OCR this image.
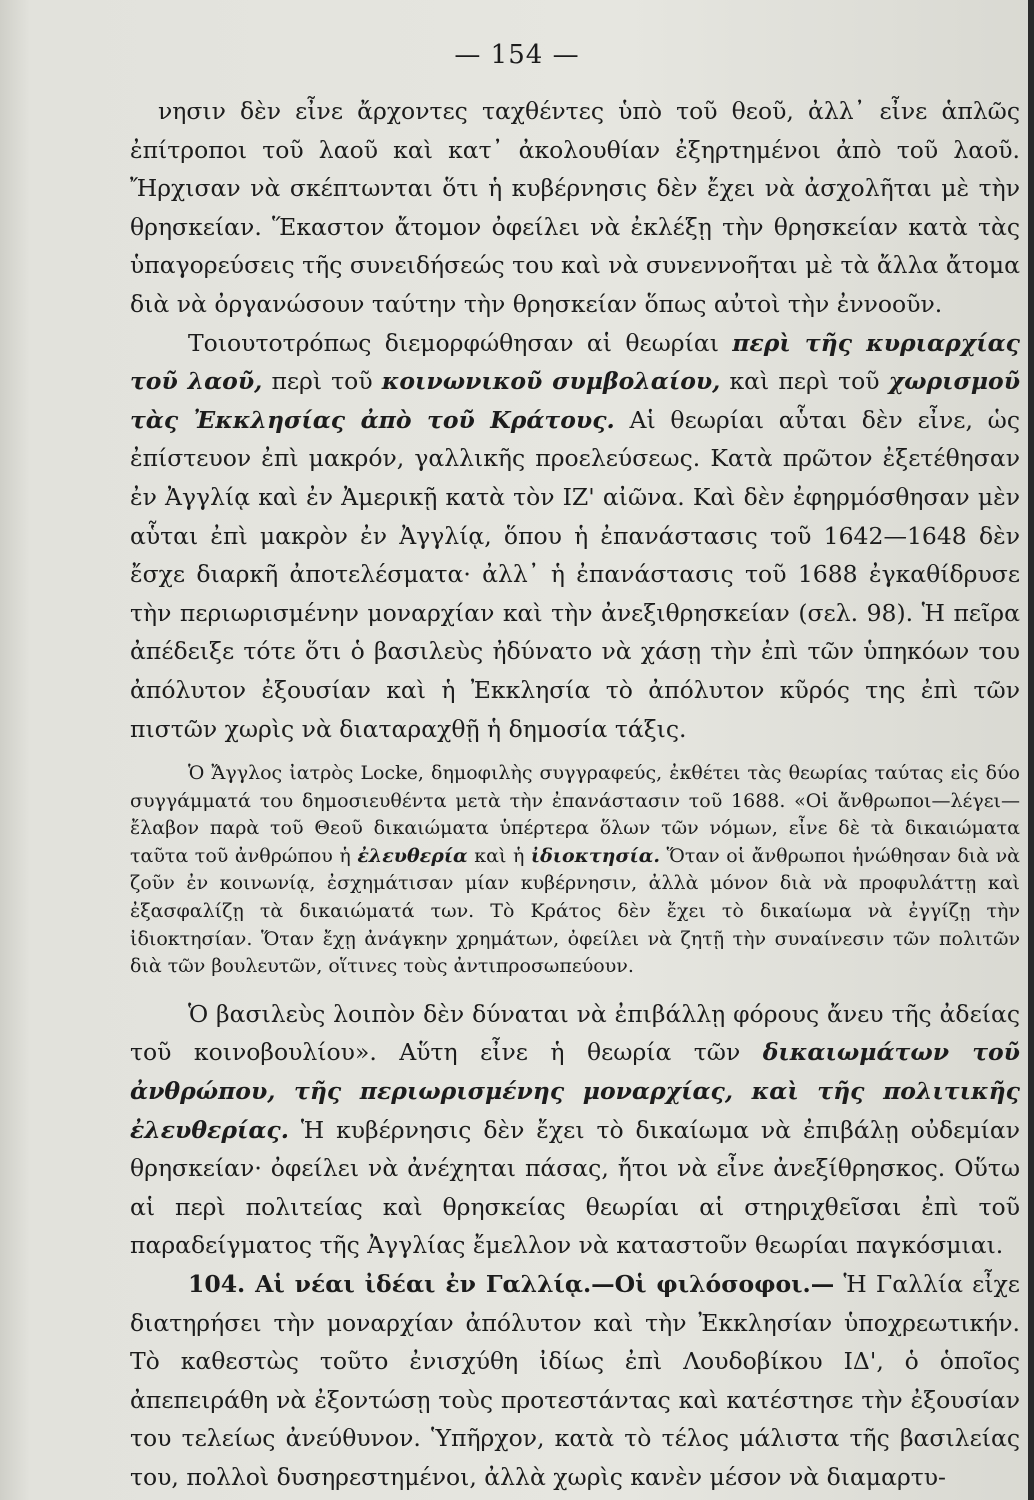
— 154 —

νησιν δὲν εἶνε ἄρχοντες ταχθέντες ὑπὸ τοῦ θεοῦ, ἀλλ᾽ εἶνε ἁπλῶς ἐπίτροποι τοῦ λαοῦ καὶ κατ᾽ ἀκολουθίαν ἐξηρτημένοι ἀπὸ τοῦ λαοῦ. Ἤρχισαν νὰ σκέπτωνται ὅτι ἡ κυβέρνησις δὲν ἔχει νὰ ἀσχολῆται μὲ τὴν θρησκείαν. Ἕκαστον ἄτομον ὀφείλει νὰ ἐκλέξῃ τὴν θρησκείαν κατὰ τὰς ὑπαγορεύσεις τῆς συνειδήσεώς του καὶ νὰ συνεννοῆται μὲ τὰ ἄλλα ἄτομα διὰ νὰ ὀργανώσουν ταύτην τὴν θρησκείαν ὅπως αὐτοὶ τὴν ἐννοοῦν.

Τοιουτοτρόπως διεμορφώθησαν αἱ θεωρίαι περὶ τῆς κυριαρχίας τοῦ λαοῦ, περὶ τοῦ κοινωνικοῦ συμβολαίου, καὶ περὶ τοῦ χωρισμοῦ τὰς Ἐκκλησίας ἀπὸ τοῦ Κράτους. Αἱ θεωρίαι αὗται δὲν εἶνε, ὡς ἐπίστευον ἐπὶ μακρόν, γαλλικῆς προελεύσεως. Κατὰ πρῶτον ἐξετέθησαν ἐν Ἀγγλίᾳ καὶ ἐν Ἀμερικῇ κατὰ τὸν ΙΖ' αἰῶνα. Καὶ δὲν ἐφηρμόσθησαν μὲν αὗται ἐπὶ μακρὸν ἐν Ἀγγλίᾳ, ὅπου ἡ ἐπανάστασις τοῦ 1642—1648 δὲν ἔσχε διαρκῆ ἀποτελέσματα· ἀλλ᾽ ἡ ἐπανάστασις τοῦ 1688 ἐγκαθίδρυσε τὴν περιωρισμένην μοναρχίαν καὶ τὴν ἀνεξιθρησκείαν (σελ. 98). Ἡ πεῖρα ἀπέδειξε τότε ὅτι ὁ βασιλεὺς ἠδύνατο νὰ χάσῃ τὴν ἐπὶ τῶν ὑπηκόων του ἀπόλυτον ἐξουσίαν καὶ ἡ Ἐκκλησία τὸ ἀπόλυτον κῦρός της ἐπὶ τῶν πιστῶν χωρὶς νὰ διαταραχθῇ ἡ δημοσία τάξις.

Ὁ Ἄγγλος ἰατρὸς Locke, δημοφιλὴς συγγραφεύς, ἐκθέτει τὰς θεωρίας ταύτας εἰς δύο συγγάμματά του δημοσιευθέντα μετὰ τὴν ἐπανάστασιν τοῦ 1688. «Οἱ ἄνθρωποι—λέγει—ἔλαβον παρὰ τοῦ Θεοῦ δικαιώματα ὑπέρτερα ὅλων τῶν νόμων, εἶνε δὲ τὰ δικαιώματα ταῦτα τοῦ ἀνθρώπου ἡ ἐλευθερία καὶ ἡ ἰδιοκτησία. Ὅταν οἱ ἄνθρωποι ἡνώθησαν διὰ νὰ ζοῦν ἐν κοινωνίᾳ, ἐσχημάτισαν μίαν κυβέρνησιν, ἀλλὰ μόνον διὰ νὰ προφυλάττῃ καὶ ἐξασφαλίζῃ τὰ δικαιώματά των. Τὸ Κράτος δὲν ἔχει τὸ δικαίωμα νὰ ἐγγίζῃ τὴν ἰδιοκτησίαν. Ὅταν ἔχῃ ἀνάγκην χρημάτων, ὀφείλει νὰ ζητῇ τὴν συναίνεσιν τῶν πολιτῶν διὰ τῶν βουλευτῶν, οἵτινες τοὺς ἀντιπροσωπεύουν.

Ὁ βασιλεὺς λοιπὸν δὲν δύναται νὰ ἐπιβάλλῃ φόρους ἄνευ τῆς ἀδείας τοῦ κοινοβουλίου». Αὕτη εἶνε ἡ θεωρία τῶν δικαιωμάτων τοῦ ἀνθρώπου, τῆς περιωρισμένης μοναρχίας, καὶ τῆς πολιτικῆς ἐλευθερίας. Ἡ κυβέρνησις δὲν ἔχει τὸ δικαίωμα νὰ ἐπιβάλῃ οὐδεμίαν θρησκείαν· ὀφείλει νὰ ἀνέχηται πάσας, ἤτοι νὰ εἶνε ἀνεξίθρησκος. Οὕτω αἱ περὶ πολιτείας καὶ θρησκείας θεωρίαι αἱ στηριχθεῖσαι ἐπὶ τοῦ παραδείγματος τῆς Ἀγγλίας ἔμελλον νὰ καταστοῦν θεωρίαι παγκόσμιαι.

104. Αἱ νέαι ἰδέαι ἐν Γαλλίᾳ.—Οἱ φιλόσοφοι.— Ἡ Γαλλία εἶχε διατηρήσει τὴν μοναρχίαν ἀπόλυτον καὶ τὴν Ἐκκλησίαν ὑποχρεωτικήν. Τὸ καθεστὼς τοῦτο ἐνισχύθη ἰδίως ἐπὶ Λουδοβίκου ΙΔ', ὁ ὁποῖος ἀπεπειράθη νὰ ἐξοντώσῃ τοὺς προτεστάντας καὶ κατέστησε τὴν ἐξουσίαν του τελείως ἀνεύθυνον. Ὑπῆρχον, κατὰ τὸ τέλος μάλιστα τῆς βασιλείας του, πολλοὶ δυσηρεστημένοι, ἀλλὰ χωρὶς κανὲν μέσον νὰ διαμαρτυ-
